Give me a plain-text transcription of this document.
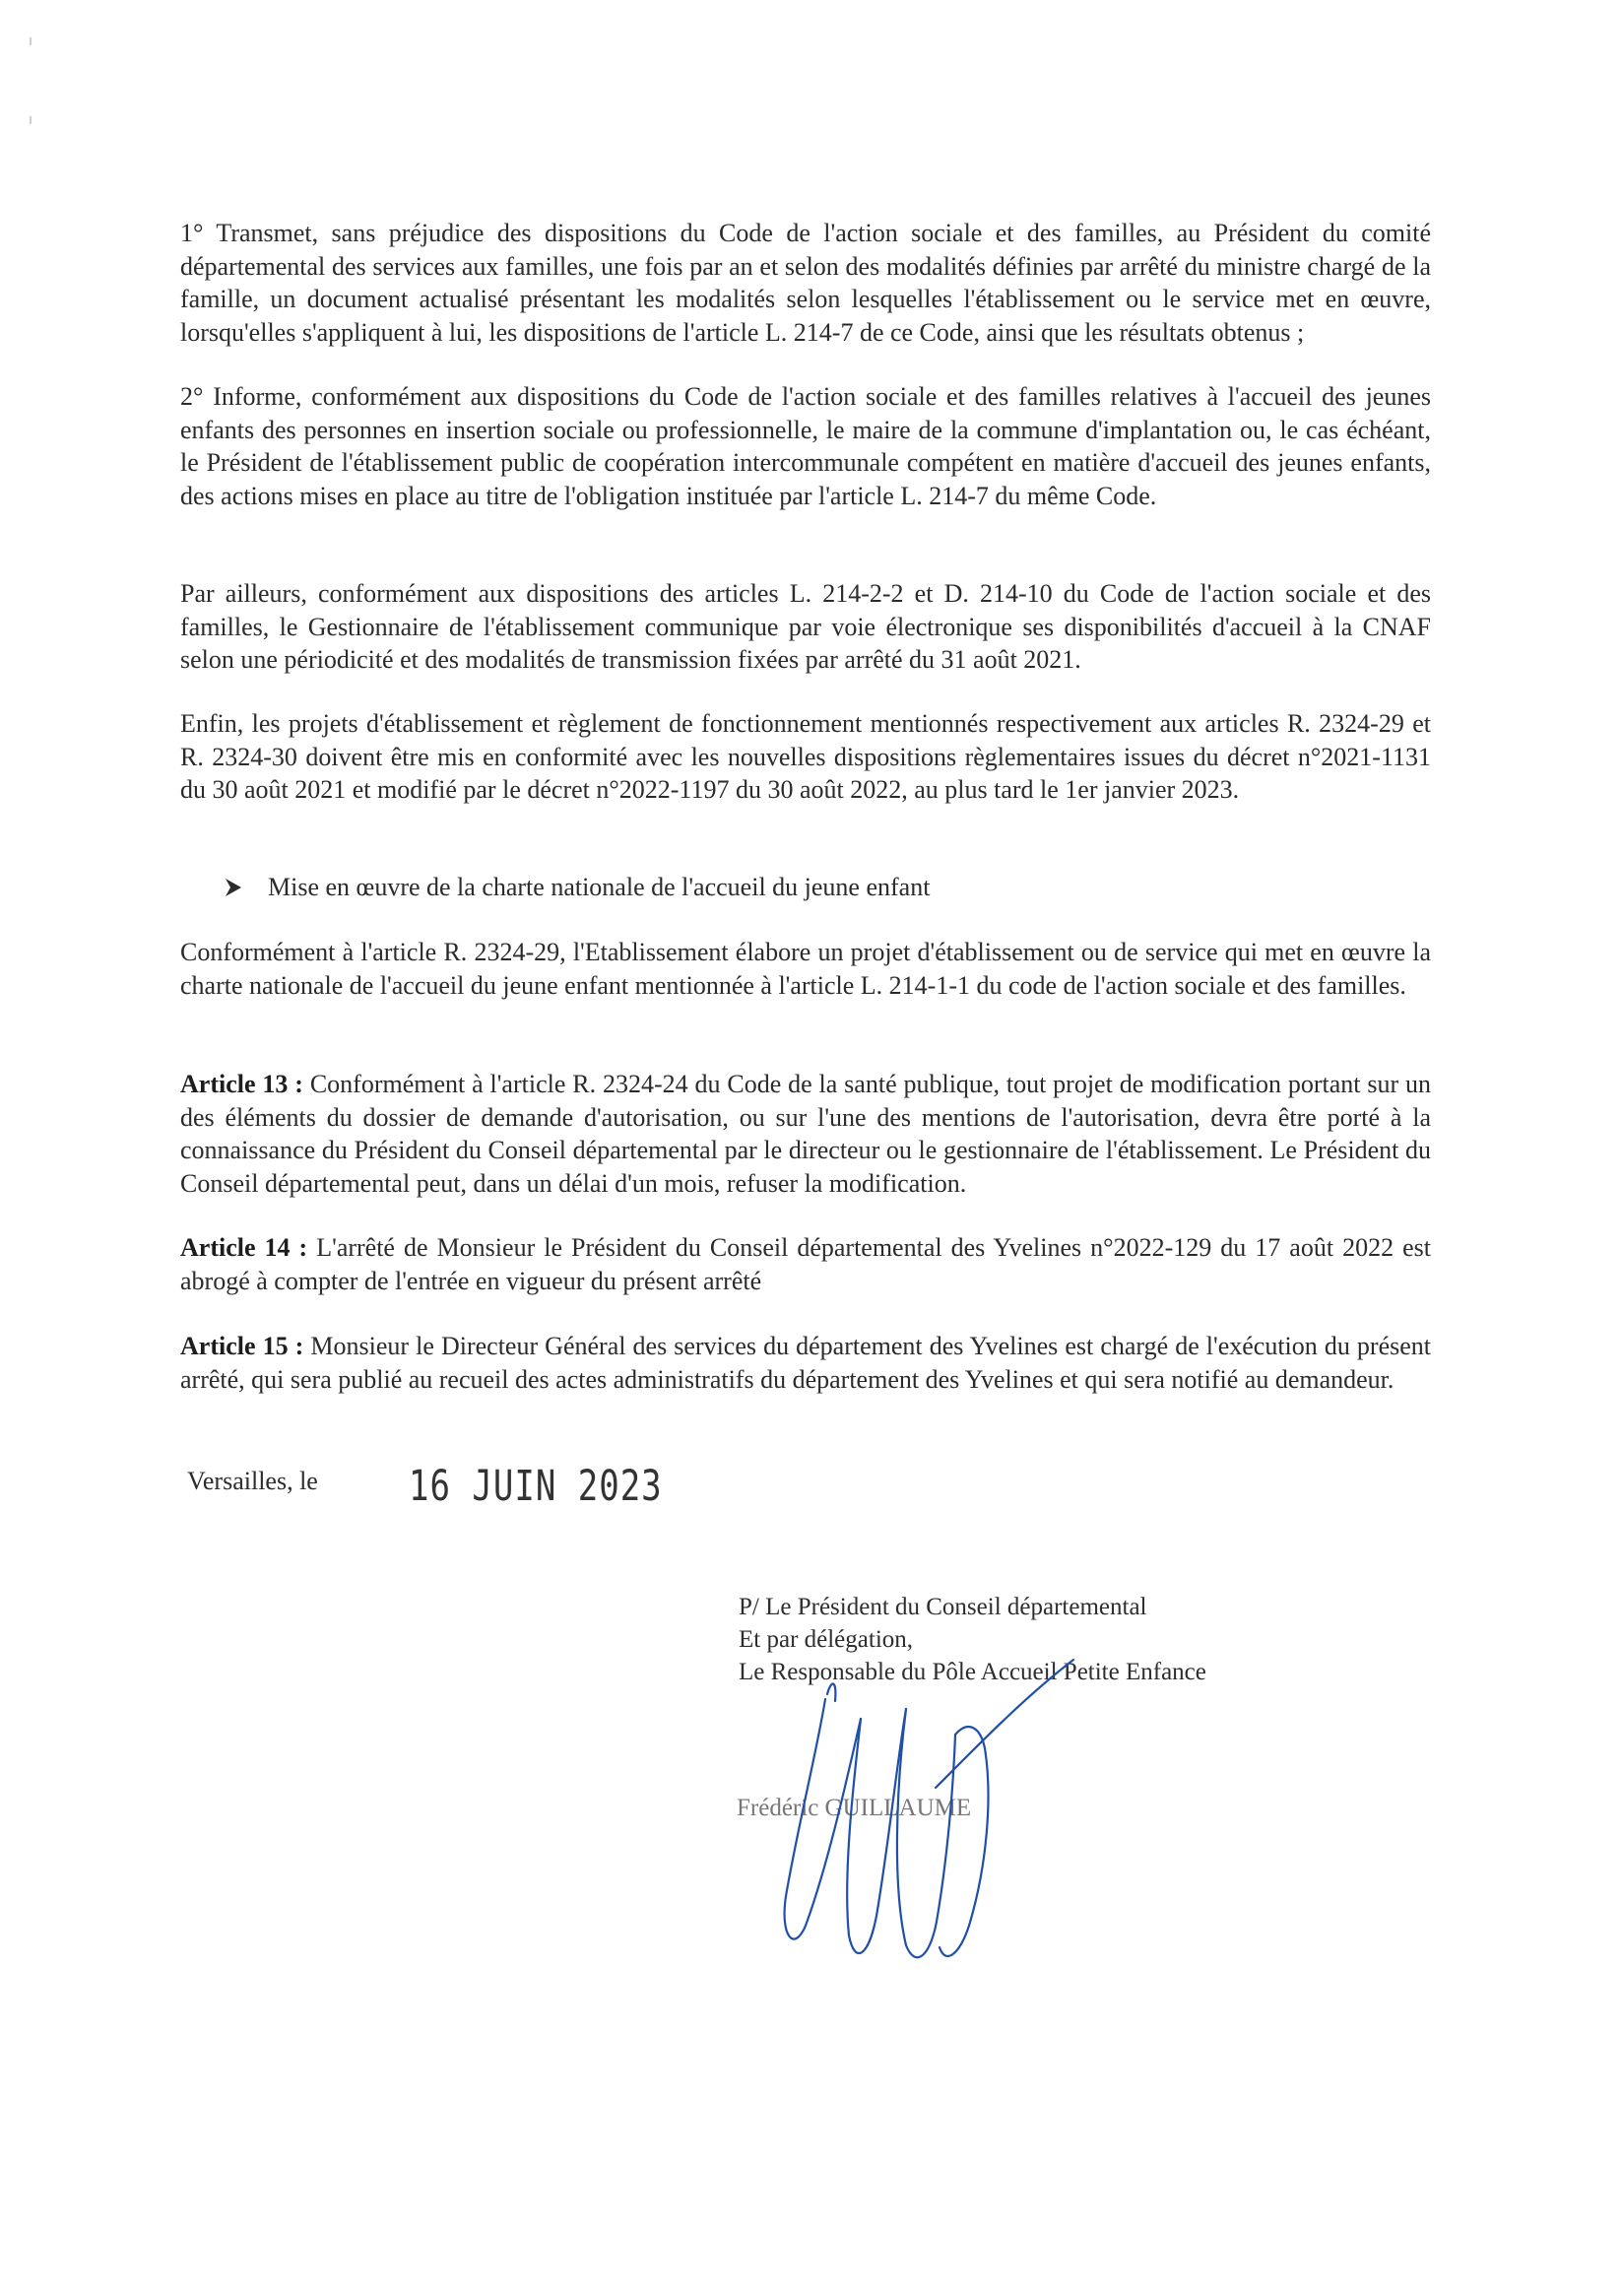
1° Transmet, sans préjudice des dispositions du Code de l'action sociale et des familles, au Président du comité départemental des services aux familles, une fois par an et selon des modalités définies par arrêté du ministre chargé de la famille, un document actualisé présentant les modalités selon lesquelles l'établissement ou le service met en œuvre, lorsqu'elles s'appliquent à lui, les dispositions de l'article L. 214-7 de ce Code, ainsi que les résultats obtenus ;

2° Informe, conformément aux dispositions du Code de l'action sociale et des familles relatives à l'accueil des jeunes enfants des personnes en insertion sociale ou professionnelle, le maire de la commune d'implantation ou, le cas échéant, le Président de l'établissement public de coopération intercommunale compétent en matière d'accueil des jeunes enfants, des actions mises en place au titre de l'obligation instituée par l'article L. 214-7 du même Code.

Par ailleurs, conformément aux dispositions des articles L. 214-2-2 et D. 214-10 du Code de l'action sociale et des familles, le Gestionnaire de l'établissement communique par voie électronique ses disponibilités d'accueil à la CNAF selon une périodicité et des modalités de transmission fixées par arrêté du 31 août 2021.

Enfin, les projets d'établissement et règlement de fonctionnement mentionnés respectivement aux articles R. 2324-29 et R. 2324-30 doivent être mis en conformité avec les nouvelles dispositions règlementaires issues du décret n°2021-1131 du 30 août 2021 et modifié par le décret n°2022-1197 du 30 août 2022, au plus tard le 1er janvier 2023.

Mise en œuvre de la charte nationale de l'accueil du jeune enfant

Conformément à l'article R. 2324-29, l'Etablissement élabore un projet d'établissement ou de service qui met en œuvre la charte nationale de l'accueil du jeune enfant mentionnée à l'article L. 214-1-1 du code de l'action sociale et des familles.

Article 13 : Conformément à l'article R. 2324-24 du Code de la santé publique, tout projet de modification portant sur un des éléments du dossier de demande d'autorisation, ou sur l'une des mentions de l'autorisation, devra être porté à la connaissance du Président du Conseil départemental par le directeur ou le gestionnaire de l'établissement. Le Président du Conseil départemental peut, dans un délai d'un mois, refuser la modification.

Article 14 : L'arrêté de Monsieur le Président du Conseil départemental des Yvelines n°2022-129 du 17 août 2022 est abrogé à compter de l'entrée en vigueur du présent arrêté

Article 15 : Monsieur le Directeur Général des services du département des Yvelines est chargé de l'exécution du présent arrêté, qui sera publié au recueil des actes administratifs du département des Yvelines et qui sera notifié au demandeur.

Versailles, le	16 JUIN 2023
P/ Le Président du Conseil départemental
Et par délégation,
Le Responsable du Pôle Accueil Petite Enfance
Frédéric GUILLAUME
